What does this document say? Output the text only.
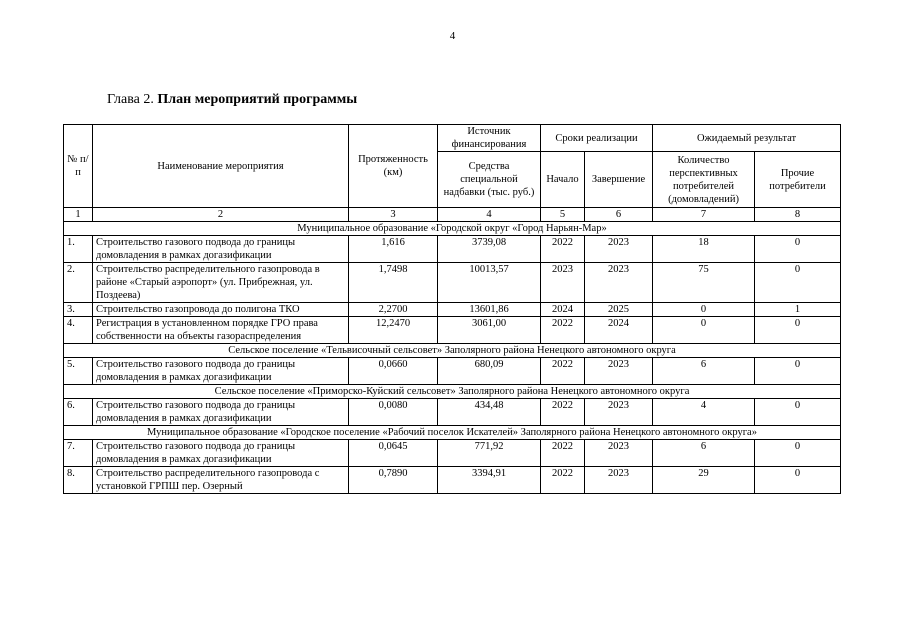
4
Глава 2. План мероприятий программы
№ п/п	Наименование мероприятия	Протяженность (км)	Источник финансирования	Сроки реализации		Ожидаемый результат	
			Средства специальной надбавки (тыс. руб.)	Начало	Завершение	Количество перспективных потребителей (домовладений)	Прочие потребители
1	2	3	4	5	6	7	8
Муниципальное образование «Городской округ «Город Нарьян-Мар»							
1.	Строительство газового подвода до границы домовладения в рамках догазификации	1,616	3739,08	2022	2023	18	0
2.	Строительство распределительного газопровода в районе «Старый аэропорт» (ул. Прибрежная, ул. Поздеева)	1,7498	10013,57	2023	2023	75	0
3.	Строительство газопровода до полигона ТКО	2,2700	13601,86	2024	2025	0	1
4.	Регистрация в установленном порядке ГРО права собственности на объекты газораспределения	12,2470	3061,00	2022	2024	0	0
Сельское поселение «Тельвисочный сельсовет» Заполярного района Ненецкого автономного округа							
5.	Строительство газового подвода до границы домовладения в рамках догазификации	0,0660	680,09	2022	2023	6	0
Сельское поселение «Приморско-Куйский сельсовет» Заполярного района Ненецкого автономного округа							
6.	Строительство газового подвода до границы домовладения в рамках догазификации	0,0080	434,48	2022	2023	4	0
Муниципальное образование «Городское поселение «Рабочий поселок Искателей» Заполярного района Ненецкого автономного округа»							
7.	Строительство газового подвода до границы домовладения в рамках догазификации	0,0645	771,92	2022	2023	6	0
8.	Строительство распределительного газопровода с установкой ГРПШ пер. Озерный	0,7890	3394,91	2022	2023	29	0
